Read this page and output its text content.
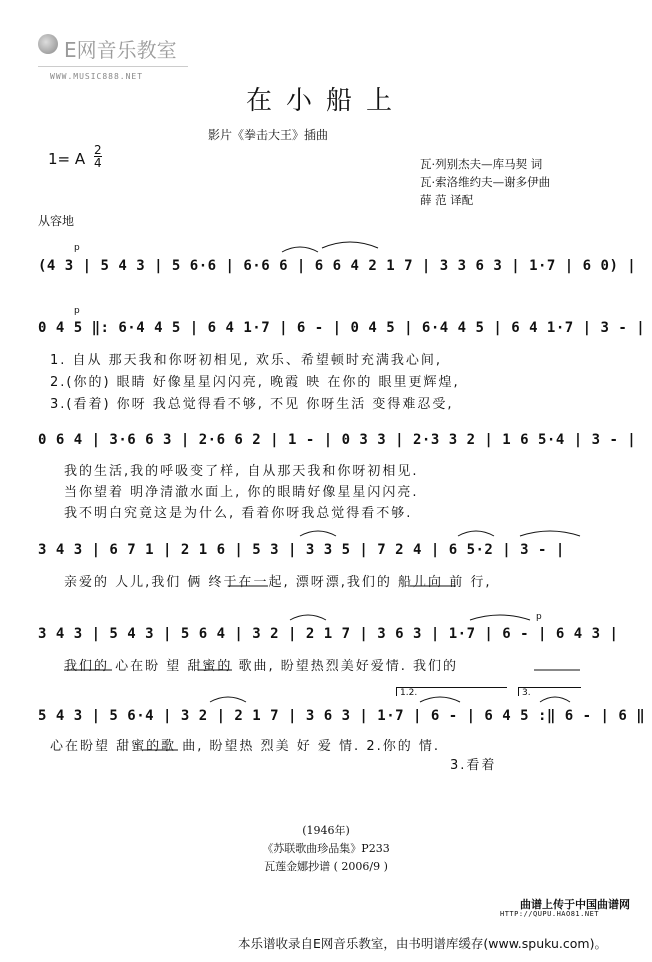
E网音乐教室
WWW.MUSIC888.NET
在小船上
影片《拳击大王》插曲
1= A $\frac{2}{4}$	瓦·列别杰夫—库马契 词
瓦·索洛维约夫—谢多伊曲
薛 范 译配
从容地
p
(4 3 | 5 4 3 | 5 6·6 | 6·6 6 | 6 6 4 2 1 7 | 3 3 6 3 | 1·7 | 6 0) |
p
0 4 5 ‖: 6·4 4 5 | 6 4 1·7 | 6 - | 0 4 5 | 6·4 4 5 | 6 4 1·7 | 3 - |
1. 自从 那天我和你呀初相见, 欢乐、希望顿时充满我心间,
2.(你的) 眼睛 好像星星闪闪亮, 晚霞 映 在你的 眼里更辉煌,
3.(看着) 你呀 我总觉得看不够, 不见 你呀生活 变得难忍受,
0 6 4 | 3·6 6 3 | 2·6 6 2 | 1 - | 0 3 3 | 2·3 3 2 | 1 6 5·4 | 3 - |
我的生活,我的呼吸变了样, 自从那天我和你呀初相见.
当你望着 明净清澈水面上, 你的眼睛好像星星闪闪亮.
我不明白究竟这是为什么, 看着你呀我总觉得看不够.
3 4 3 | 6 7 1 | 2 1 6 | 5 3 | 3 3 5 | 7 2 4 | 6 5·2 | 3 - |
亲爱的 人儿,我们 俩 终于在一起, 漂呀漂,我们的 船儿向 前 行,
p
3 4 3 | 5 4 3 | 5 6 4 | 3 2 | 2 1 7 | 3 6 3 | 1·7 | 6 - | 6 4 3 |
我们的 心在盼 望 甜蜜的 歌曲, 盼望热烈美好爱情. 我们的
1.2.	3.
5 4 3 | 5 6·4 | 3 2 | 2 1 7 | 3 6 3 | 1·7 | 6 - | 6 4 5 :‖ 6 - | 6 ‖
心在盼望 甜蜜的歌 曲, 盼望热 烈美 好 爱 情. 2.你的 情.
3.看着
(1946年)
《苏联歌曲珍品集》P233
瓦莲金娜抄谱 ( 2006/9 )
曲谱上传于中国曲谱网
HTTP://QUPU.HAO81.NET
本乐谱收录自E网音乐教室，由书明谱库缓存(www.spuku.com)。
